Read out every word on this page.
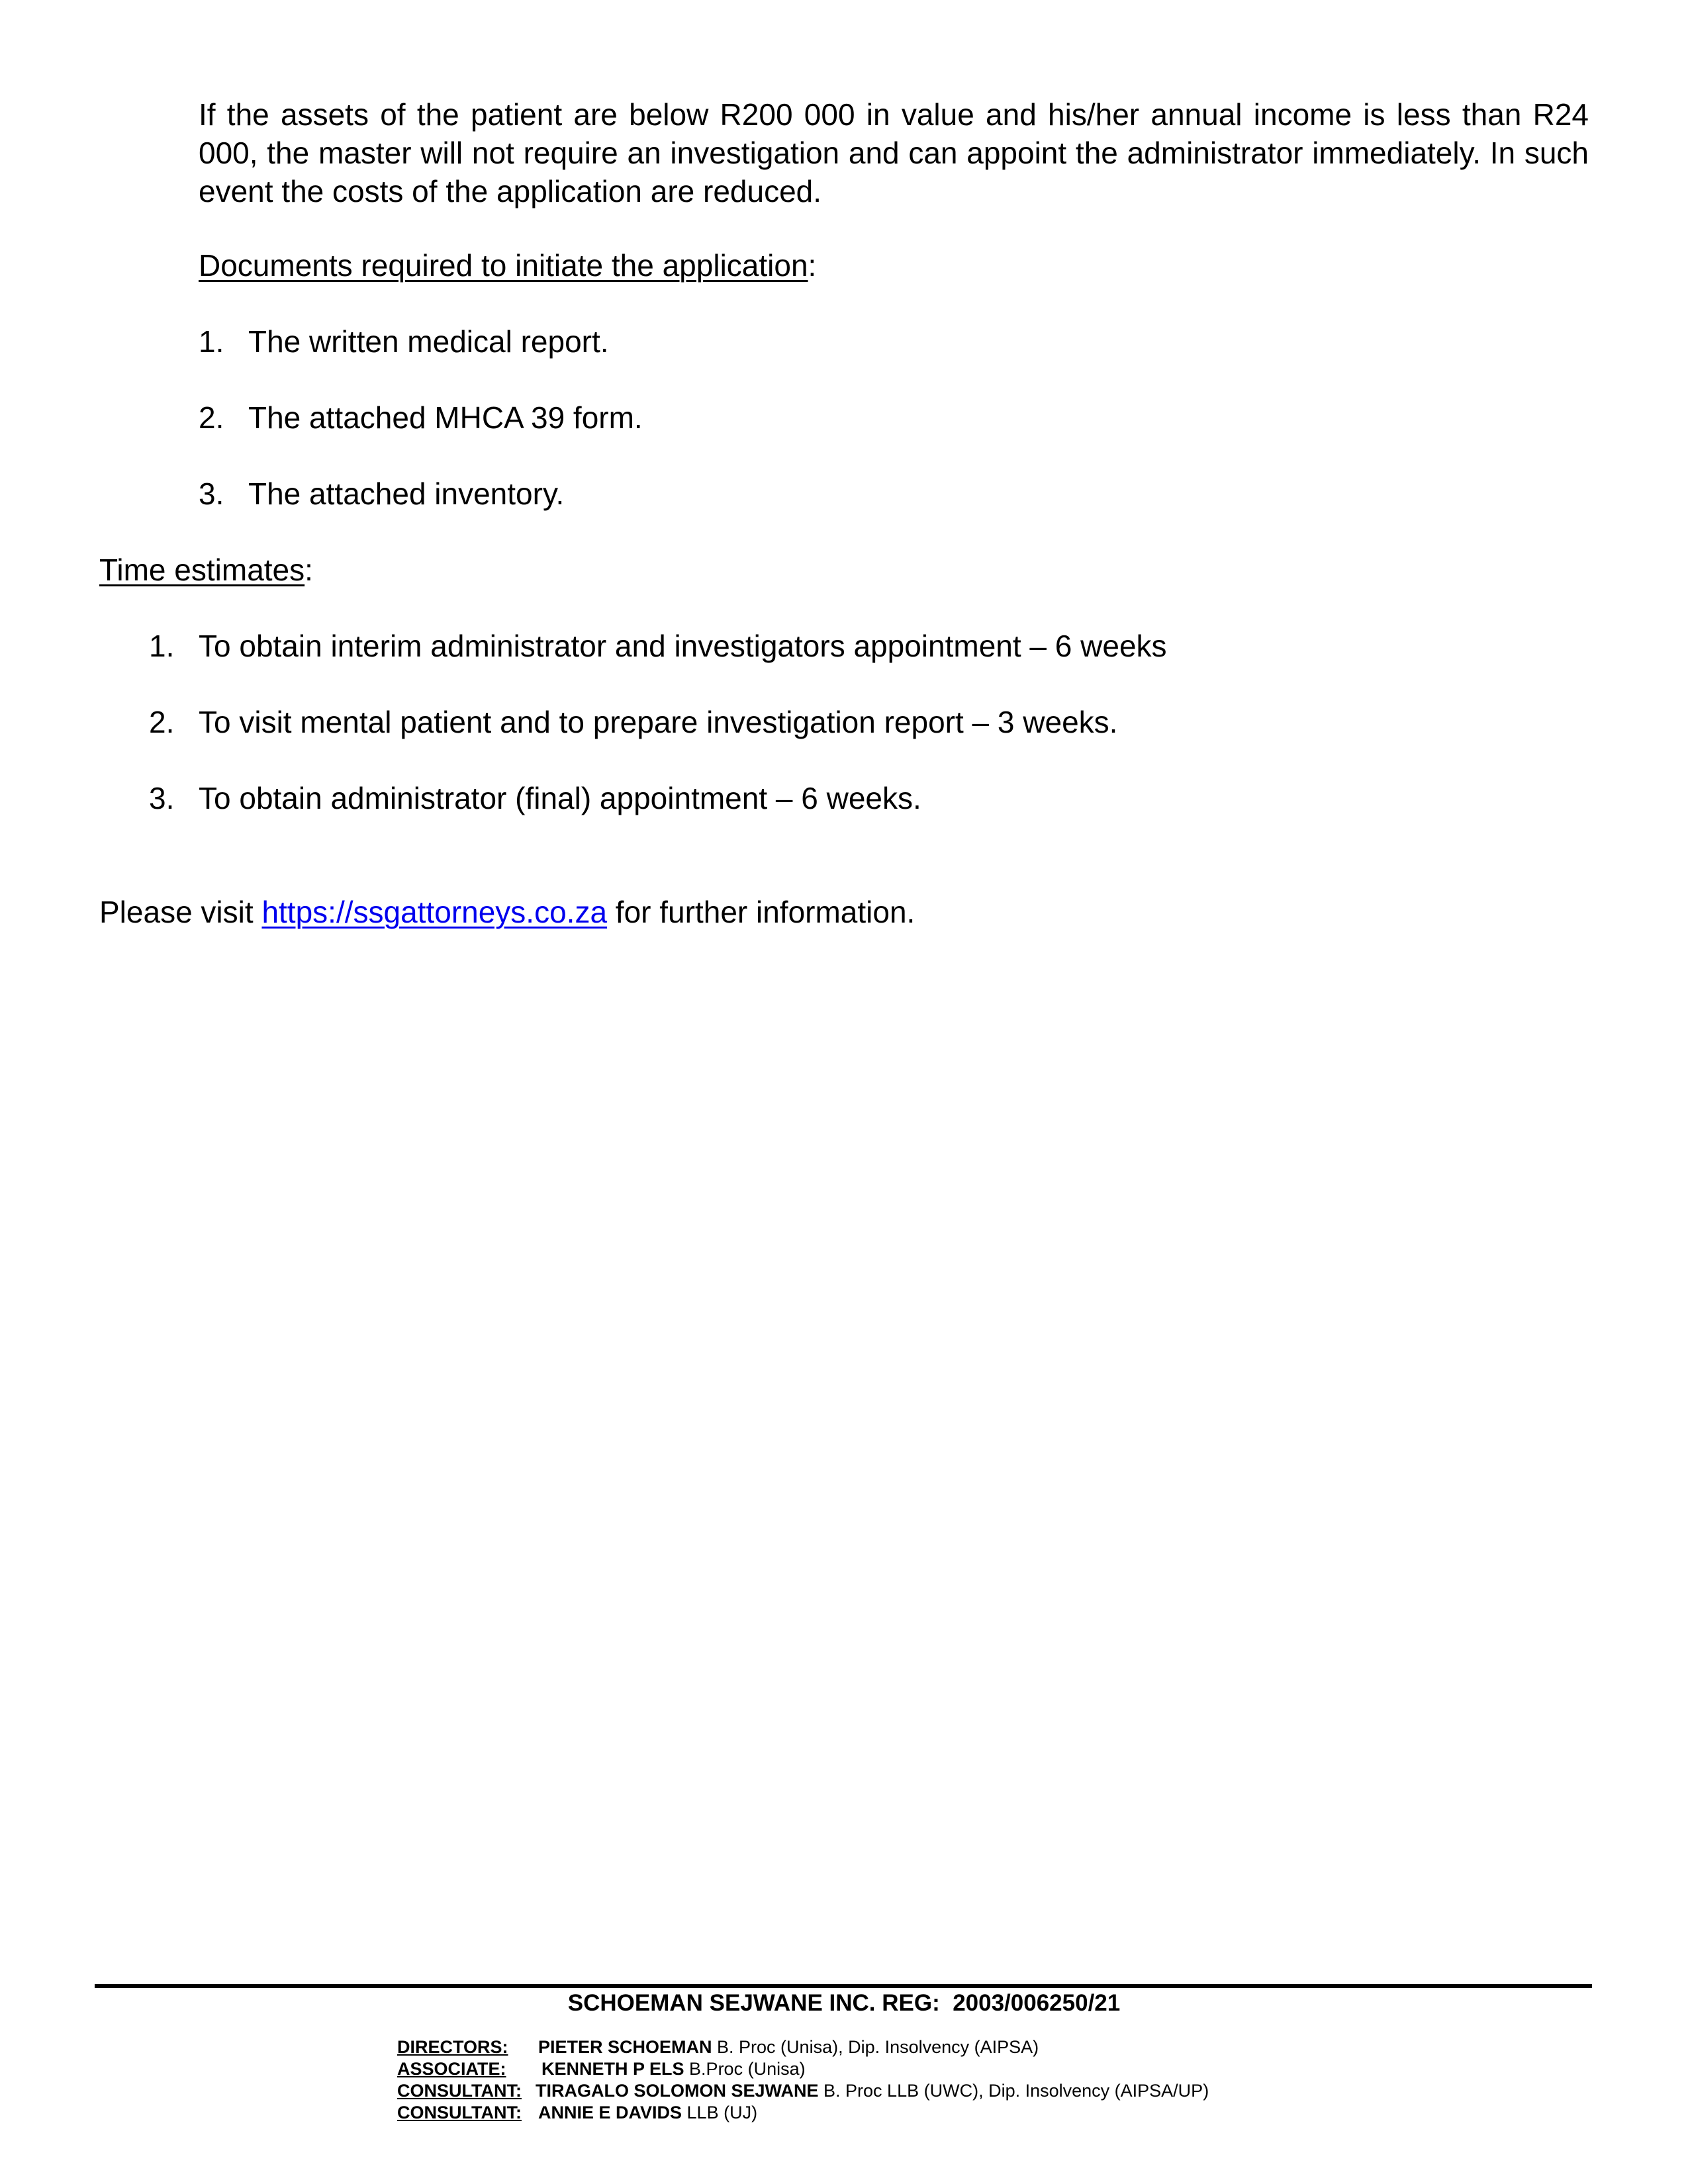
If the assets of the patient are below R200 000 in value and his/her annual income is less than R24 000, the master will not require an investigation and can appoint the administrator immediately. In such event the costs of the application are reduced.

Documents required to initiate the application:
1. The written medical report.
2. The attached MHCA 39 form.
3. The attached inventory.
Time estimates:
1. To obtain interim administrator and investigators appointment – 6 weeks
2. To visit mental patient and to prepare investigation report – 3 weeks.
3. To obtain administrator (final) appointment – 6 weeks.
Please visit https://ssgattorneys.co.za for further information.
SCHOEMAN SEJWANE INC. REG:  2003/006250/21
DIRECTORS: PIETER SCHOEMAN B. Proc (Unisa), Dip. Insolvency (AIPSA)
ASSOCIATE: KENNETH P ELS B.Proc (Unisa)
CONSULTANT: TIRAGALO SOLOMON SEJWANE B. Proc LLB (UWC), Dip. Insolvency (AIPSA/UP)
CONSULTANT: ANNIE E DAVIDS LLB (UJ)
